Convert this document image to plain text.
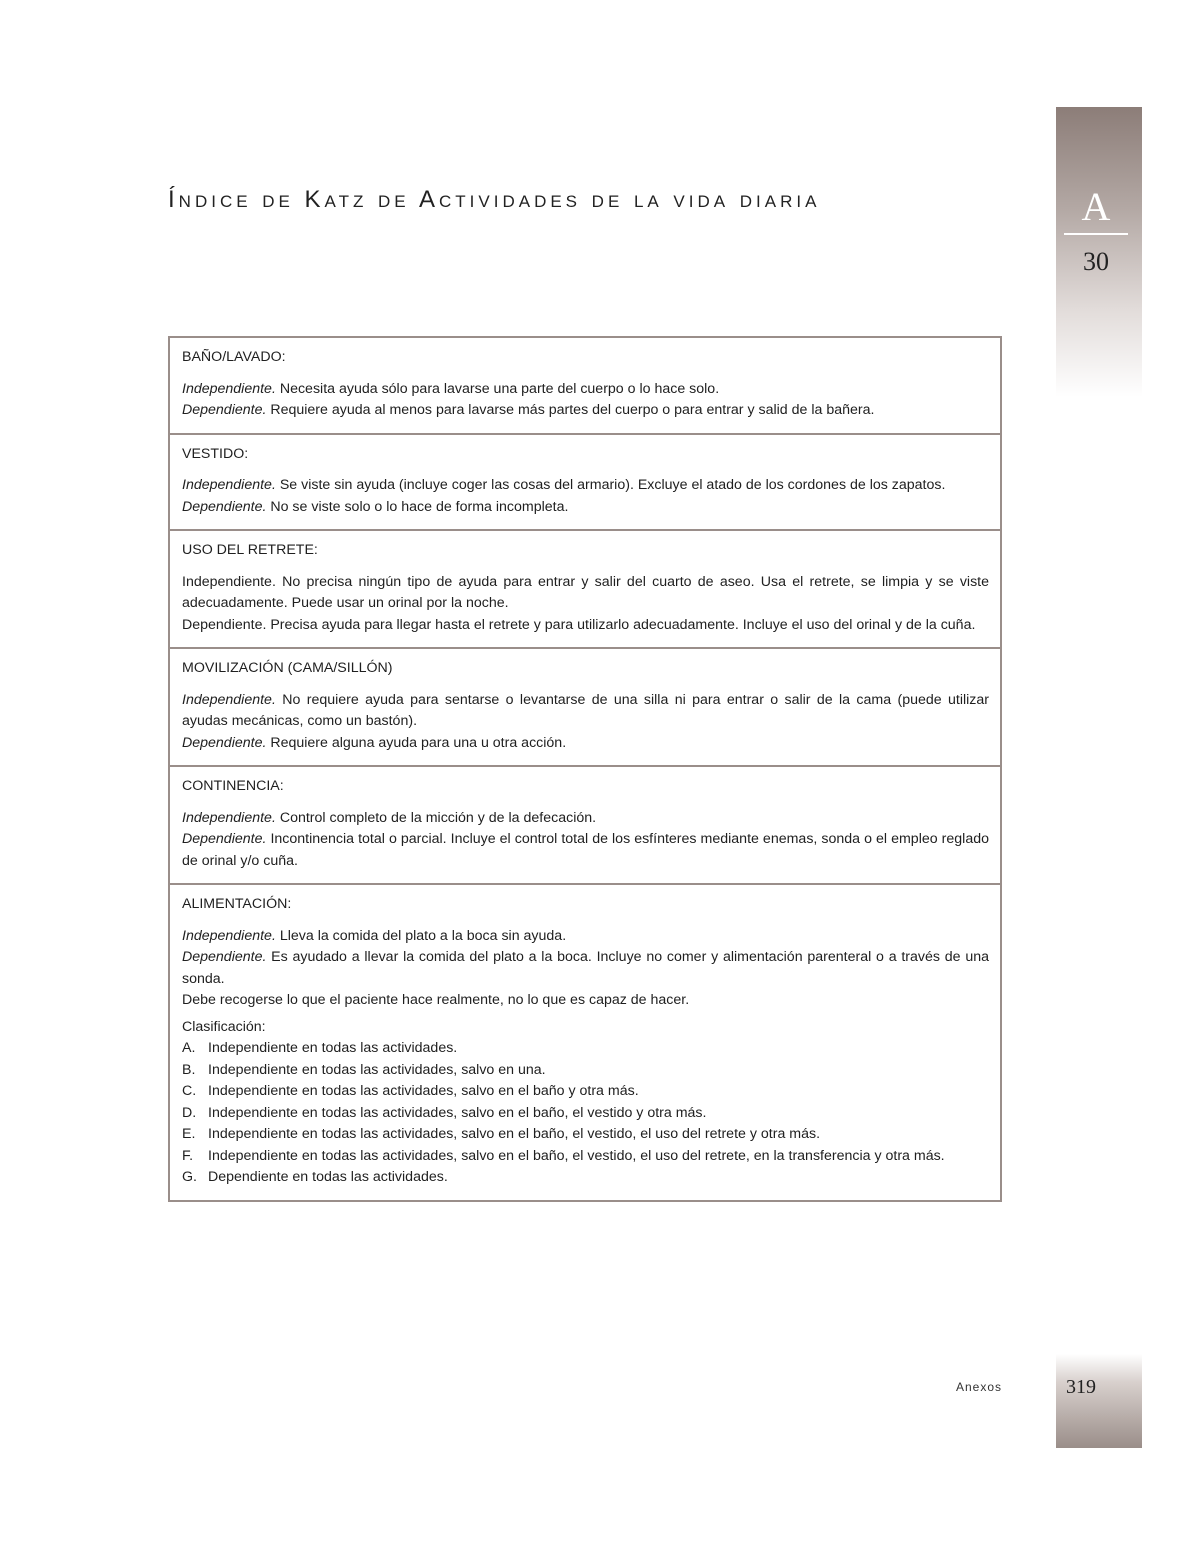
A
30
Índice de Katz de Actividades de la vida diaria

BAÑO/LAVADO:

Independiente. Necesita ayuda sólo para lavarse una parte del cuerpo o lo hace solo.

Dependiente. Requiere ayuda al menos para lavarse más partes del cuerpo o para entrar y salid de la bañera.

VESTIDO:

Independiente. Se viste sin ayuda (incluye coger las cosas del armario). Excluye el atado de los cordones de los zapatos.

Dependiente. No se viste solo o lo hace de forma incompleta.

USO DEL RETRETE:

Independiente. No precisa ningún tipo de ayuda para entrar y salir del cuarto de aseo. Usa el retrete, se limpia y se viste adecuadamente. Puede usar un orinal por la noche.

Dependiente. Precisa ayuda para llegar hasta el retrete y para utilizarlo adecuadamente. Incluye el uso del orinal y de la cuña.

MOVILIZACIÓN (CAMA/SILLÓN)

Independiente. No requiere ayuda para sentarse o levantarse de una silla ni para entrar o salir de la cama (puede utilizar ayudas mecánicas, como un bastón).

Dependiente. Requiere alguna ayuda para una u otra acción.

CONTINENCIA:

Independiente. Control completo de la micción y de la defecación.

Dependiente. Incontinencia total o parcial. Incluye el control total de los esfínteres mediante enemas, sonda o el empleo reglado de orinal y/o cuña.

ALIMENTACIÓN:

Independiente. Lleva la comida del plato a la boca sin ayuda.

Dependiente. Es ayudado a llevar la comida del plato a la boca. Incluye no comer y alimentación parenteral o a través de una sonda.

Debe recogerse lo que el paciente hace realmente, no lo que es capaz de hacer.

Clasificación:

A. Independiente en todas las actividades.
B. Independiente en todas las actividades, salvo en una.
C. Independiente en todas las actividades, salvo en el baño y otra más.
D. Independiente en todas las actividades, salvo en el baño, el vestido y otra más.
E. Independiente en todas las actividades, salvo en el baño, el vestido, el uso del retrete y otra más.
F.	Independiente en todas las actividades, salvo en el baño, el vestido, el uso del retrete, en la transferencia y otra más.
G. Dependiente en todas las actividades.
Anexos	319
